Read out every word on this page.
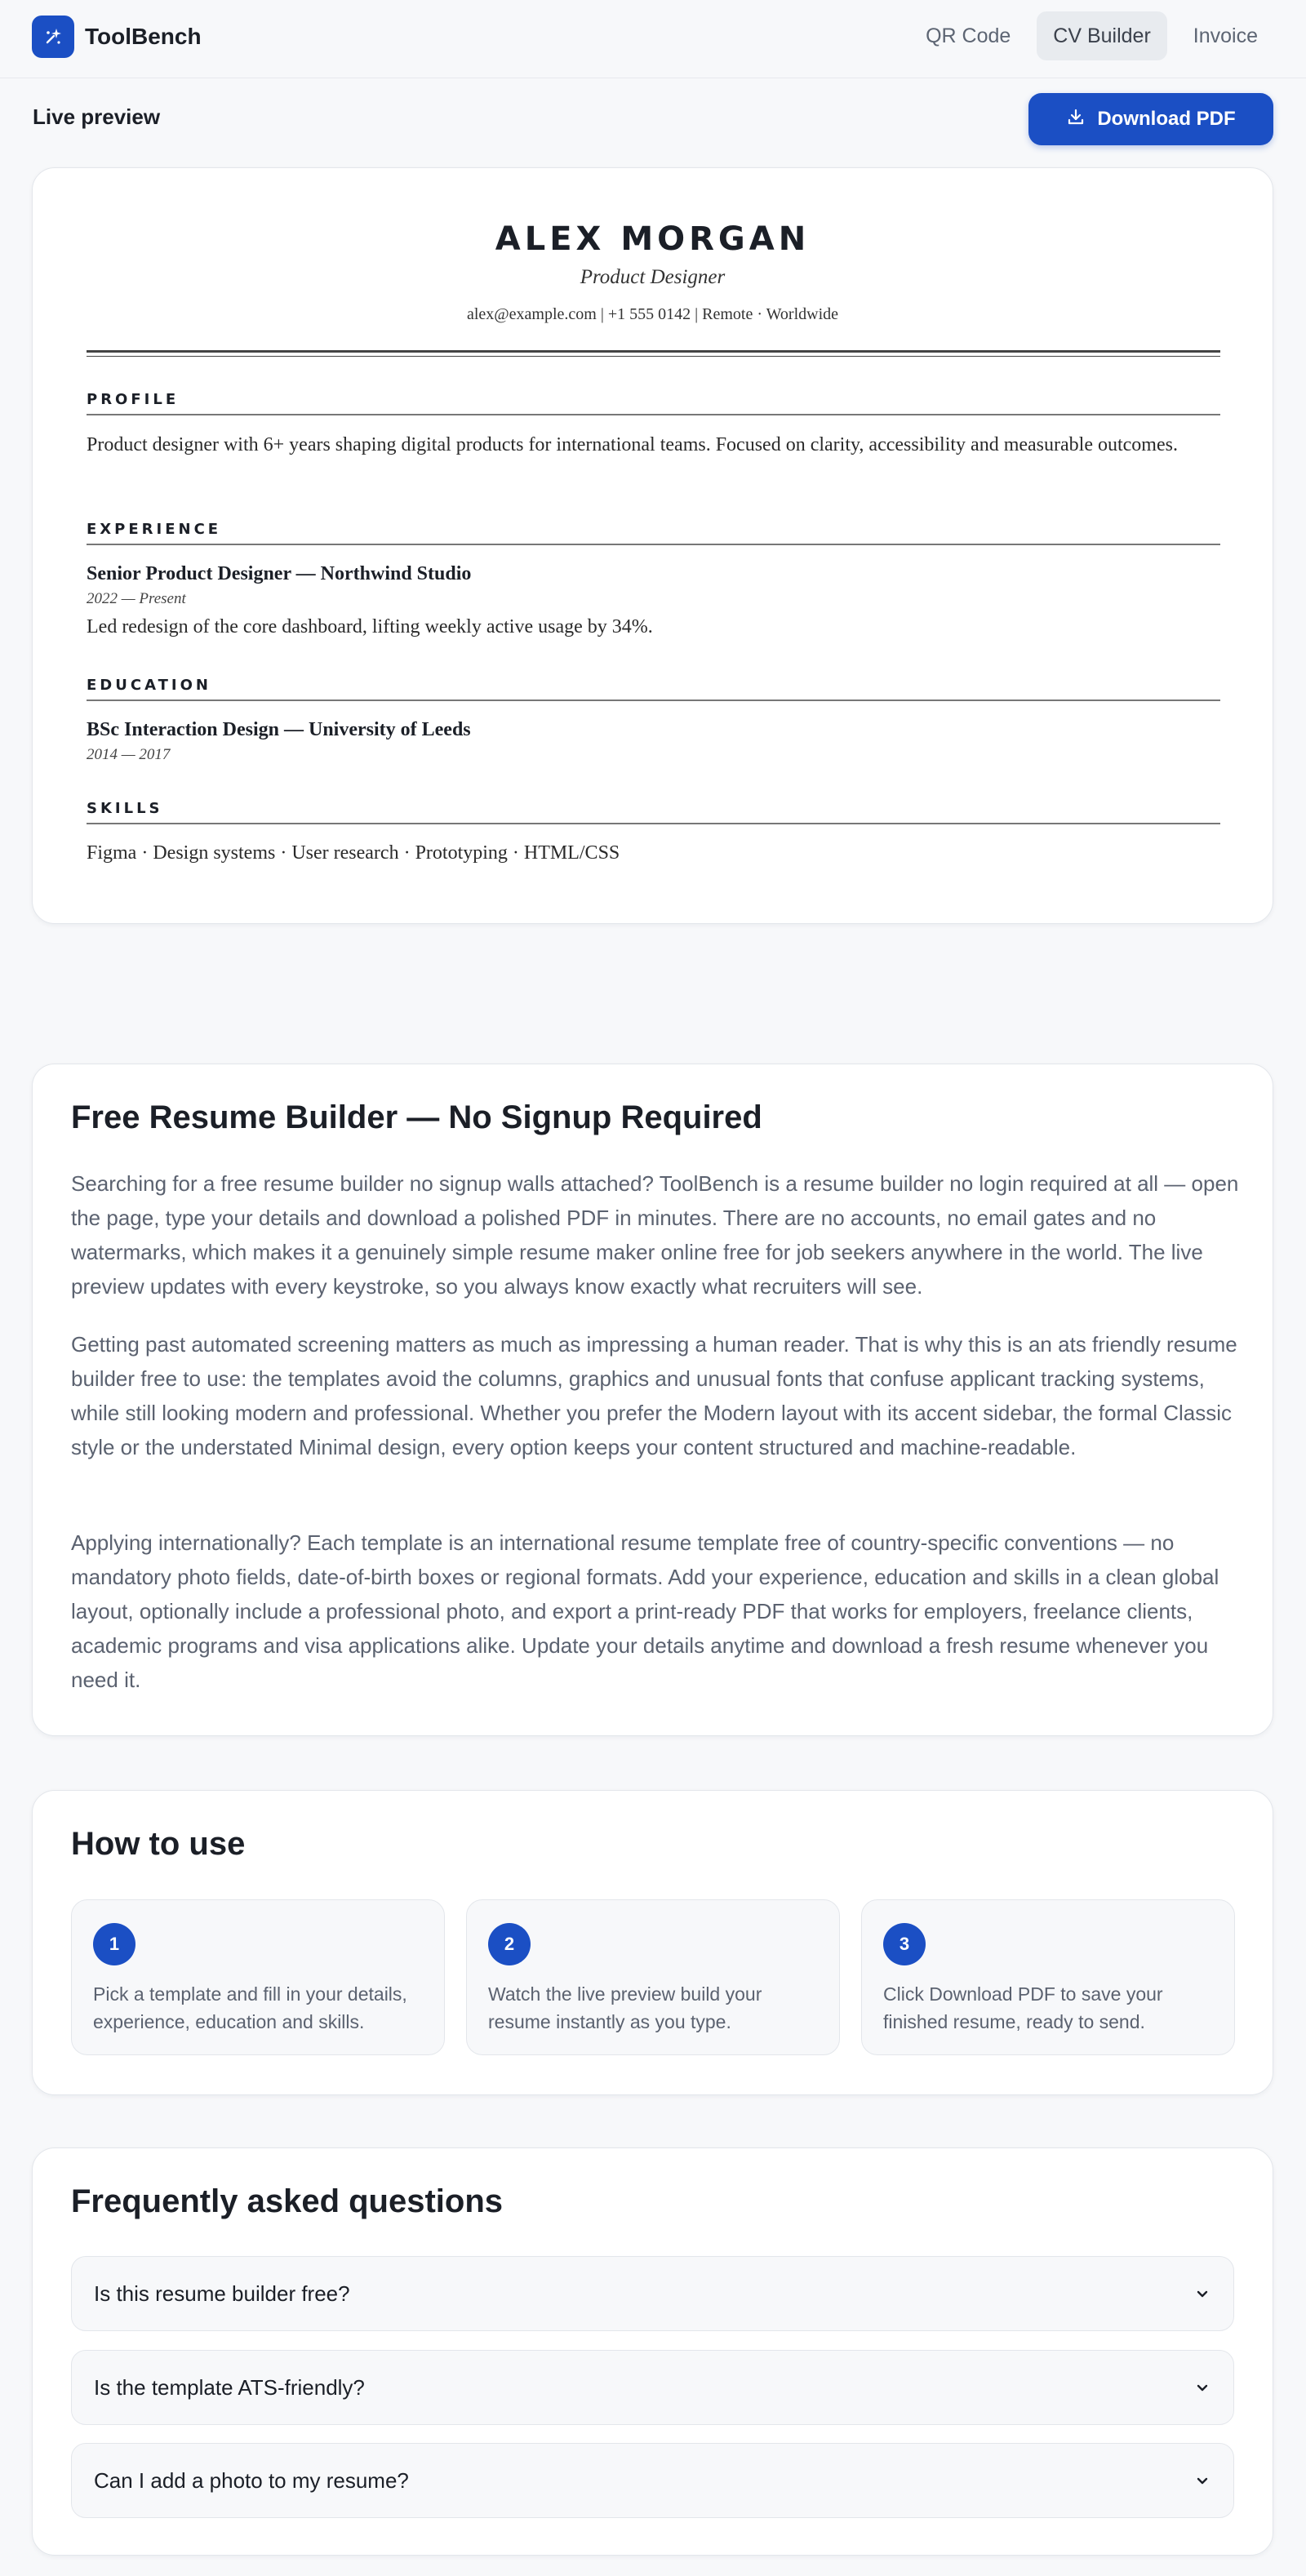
ToolBench	QR Code	CV Builder	Invoice
Live preview	Download PDF
ALEX MORGAN
Product Designer
alex@example.com | +1 555 0142 | Remote · Worldwide
PROFILE
Product designer with 6+ years shaping digital products for international teams. Focused on clarity, accessibility and measurable outcomes.
EXPERIENCE
Senior Product Designer — Northwind Studio
2022 — Present
Led redesign of the core dashboard, lifting weekly active usage by 34%.
EDUCATION
BSc Interaction Design — University of Leeds
2014 — 2017
SKILLS
Figma · Design systems · User research · Prototyping · HTML/CSS
Free Resume Builder — No Signup Required

Searching for a free resume builder no signup walls attached? ToolBench is a resume builder no login required at all — open the page, type your details and download a polished PDF in minutes. There are no accounts, no email gates and no watermarks, which makes it a genuinely simple resume maker online free for job seekers anywhere in the world. The live preview updates with every keystroke, so you always know exactly what recruiters will see.

Getting past automated screening matters as much as impressing a human reader. That is why this is an ats friendly resume builder free to use: the templates avoid the columns, graphics and unusual fonts that confuse applicant tracking systems, while still looking modern and professional. Whether you prefer the Modern layout with its accent sidebar, the formal Classic style or the understated Minimal design, every option keeps your content structured and machine-readable.

Applying internationally? Each template is an international resume template free of country-specific conventions — no mandatory photo fields, date-of-birth boxes or regional formats. Add your experience, education and skills in a clean global layout, optionally include a professional photo, and export a print-ready PDF that works for employers, freelance clients, academic programs and visa applications alike. Update your details anytime and download a fresh resume whenever you need it.

How to use
1
Pick a template and fill in your details, experience, education and skills.
2
Watch the live preview build your resume instantly as you type.
3
Click Download PDF to save your finished resume, ready to send.
Frequently asked questions
Is this resume builder free?
Is the template ATS-friendly?
Can I add a photo to my resume?
